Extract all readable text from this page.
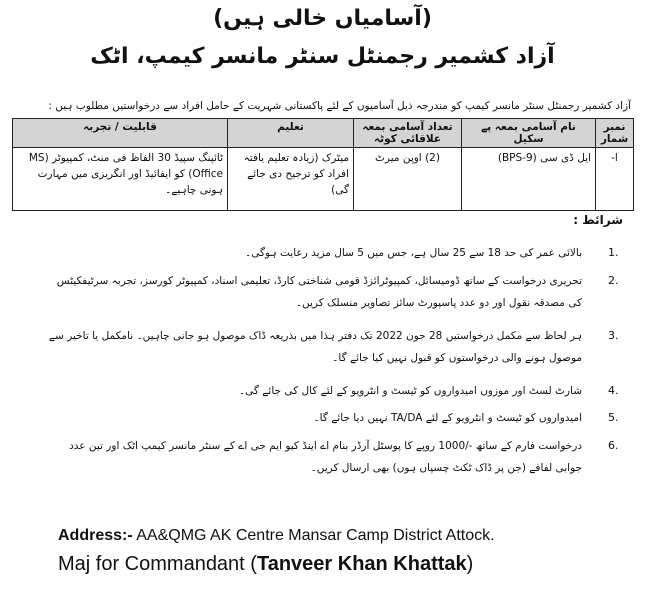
(آسامیاں خالی ہیں)
آزاد کشمیر رجمنٹل سنٹر مانسر کیمپ، اٹک
آزاد کشمیر رجمنٹل سنٹر مانسر کیمپ کو مندرجہ ذیل آسامیوں کے لئے پاکستانی شہریت کے حامل افراد سے درخواستیں مطلوب ہیں :
نمبر شمار	نام آسامی بمعہ پے سکیل	تعداد آسامی بمعہ علاقائی کوٹہ	تعلیم	قابلیت / تجربہ
ا-	ایل ڈی سی (BPS-9)	(2) اوپن میرٹ	میٹرک (زیادہ تعلیم یافتہ افراد کو ترجیح دی جائے گی)	ٹائپنگ سپیڈ 30 الفاظ فی منٹ، کمپیوٹر (MS Office) کو ایفائیڈ اور انگریزی میں مہارت ہونی چاہیے۔
شرائط :
1.
بالائی عمر کی حد 18 سے 25 سال ہے، جس میں 5 سال مزید رعایت ہوگی۔
2.
تحریری درخواست کے ساتھ ڈومیسائل، کمپیوٹرائزڈ قومی شناختی کارڈ، تعلیمی اسناد، کمپیوٹر کورسز، تجربہ سرٹیفکیٹس کی مصدقہ نقول اور دو عدد پاسپورٹ سائز تصاویر منسلک کریں۔
3.
ہر لحاظ سے مکمل درخواستیں 28 جون 2022 تک دفتر ہذا میں بذریعہ ڈاک موصول ہو جانی چاہیں۔ نامکمل یا تاخیر سے موصول ہونے والی درخواستوں کو قبول نہیں کیا جائے گا۔
4.
شارٹ لسٹ اور موزوں امیدواروں کو ٹیسٹ و انٹرویو کے لئے کال کی جائے گی۔
5.
امیدواروں کو ٹیسٹ و انٹرویو کے لئے TA/DA نہیں دیا جائے گا۔
6.
درخواست فارم کے ساتھ -/1000 روپے کا پوسٹل آرڈر بنام اے اینڈ کیو ایم جی اے کے سنٹر مانسر کیمپ اٹک اور تین عدد جوابی لفافے (جن پر ڈاک ٹکٹ چسپاں ہوں) بھی ارسال کریں۔
Address:- AA&QMG AK Centre Mansar Camp District Attock.
Maj for Commandant (Tanveer Khan Khattak)
